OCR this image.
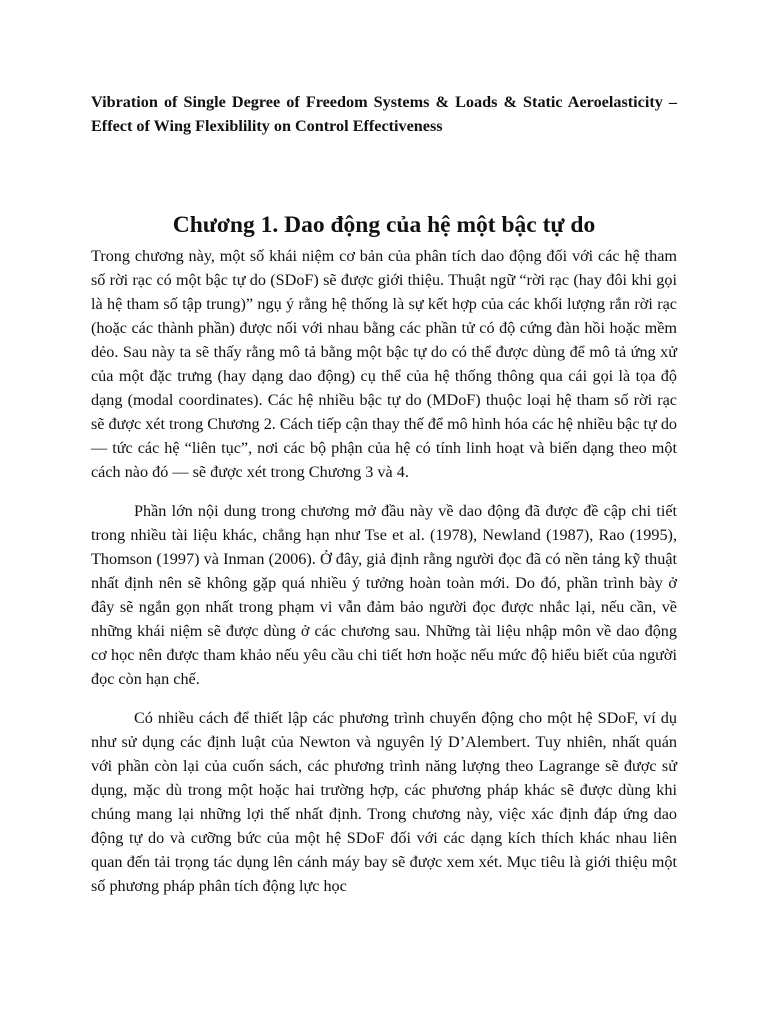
Vibration of Single Degree of Freedom Systems & Loads & Static Aeroelasticity – Effect of Wing Flexiblility on Control Effectiveness

Chương 1. Dao động của hệ một bậc tự do

Trong chương này, một số khái niệm cơ bản của phân tích dao động đối với các hệ tham số rời rạc có một bậc tự do (SDoF) sẽ được giới thiệu. Thuật ngữ “rời rạc (hay đôi khi gọi là hệ tham số tập trung)” ngụ ý rằng hệ thống là sự kết hợp của các khối lượng rắn rời rạc (hoặc các thành phần) được nối với nhau bằng các phần tử có độ cứng đàn hồi hoặc mềm dẻo. Sau này ta sẽ thấy rằng mô tả bằng một bậc tự do có thể được dùng để mô tả ứng xử của một đặc trưng (hay dạng dao động) cụ thể của hệ thống thông qua cái gọi là tọa độ dạng (modal coordinates). Các hệ nhiều bậc tự do (MDoF) thuộc loại hệ tham số rời rạc sẽ được xét trong Chương 2. Cách tiếp cận thay thế để mô hình hóa các hệ nhiều bậc tự do — tức các hệ “liên tục”, nơi các bộ phận của hệ có tính linh hoạt và biến dạng theo một cách nào đó — sẽ được xét trong Chương 3 và 4.

Phần lớn nội dung trong chương mở đầu này về dao động đã được đề cập chi tiết trong nhiều tài liệu khác, chẳng hạn như Tse et al. (1978), Newland (1987), Rao (1995), Thomson (1997) và Inman (2006). Ở đây, giả định rằng người đọc đã có nền tảng kỹ thuật nhất định nên sẽ không gặp quá nhiều ý tưởng hoàn toàn mới. Do đó, phần trình bày ở đây sẽ ngắn gọn nhất trong phạm vi vẫn đảm bảo người đọc được nhắc lại, nếu cần, về những khái niệm sẽ được dùng ở các chương sau. Những tài liệu nhập môn về dao động cơ học nên được tham khảo nếu yêu cầu chi tiết hơn hoặc nếu mức độ hiểu biết của người đọc còn hạn chế.

Có nhiều cách để thiết lập các phương trình chuyển động cho một hệ SDoF, ví dụ như sử dụng các định luật của Newton và nguyên lý D’Alembert. Tuy nhiên, nhất quán với phần còn lại của cuốn sách, các phương trình năng lượng theo Lagrange sẽ được sử dụng, mặc dù trong một hoặc hai trường hợp, các phương pháp khác sẽ được dùng khi chúng mang lại những lợi thế nhất định. Trong chương này, việc xác định đáp ứng dao động tự do và cưỡng bức của một hệ SDoF đối với các dạng kích thích khác nhau liên quan đến tải trọng tác dụng lên cánh máy bay sẽ được xem xét. Mục tiêu là giới thiệu một số phương pháp phân tích động lực học
